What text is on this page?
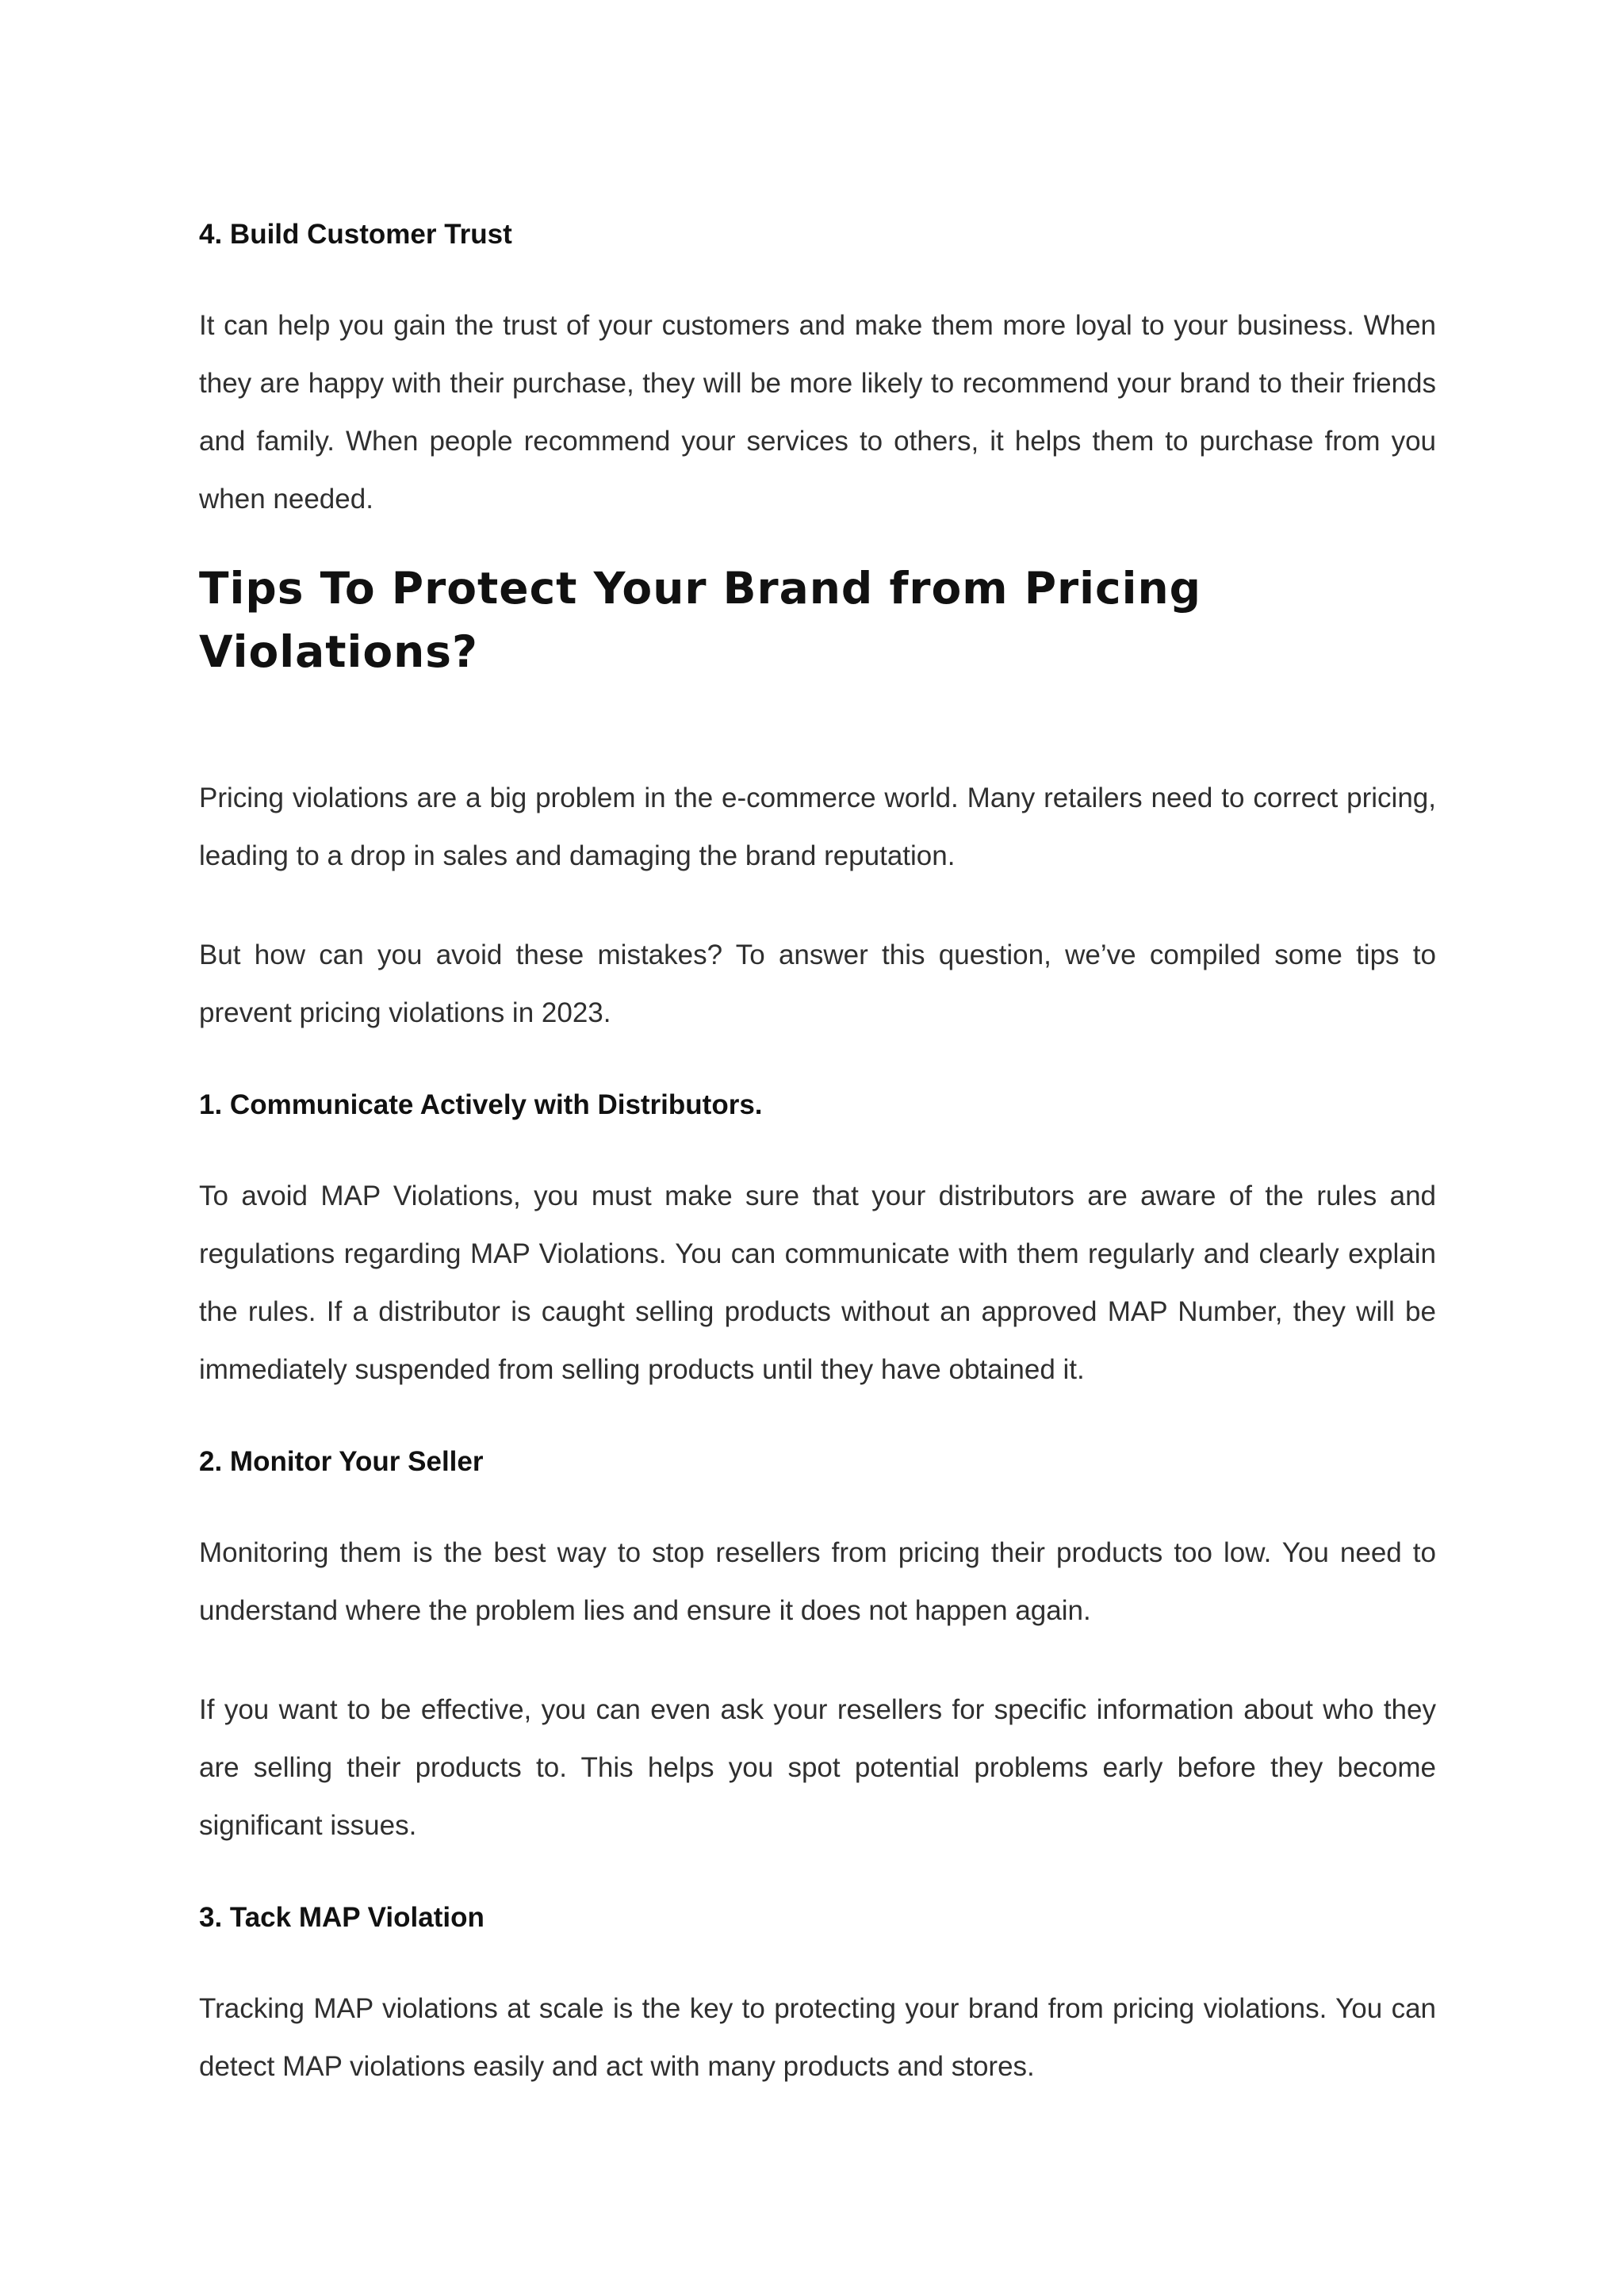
4. Build Customer Trust

It can help you gain the trust of your customers and make them more loyal to your business. When they are happy with their purchase, they will be more likely to recommend your brand to their friends and family. When people recommend your services to others, it helps them to purchase from you when needed.

Tips To Protect Your Brand from Pricing Violations?

Pricing violations are a big problem in the e-commerce world. Many retailers need to correct pricing, leading to a drop in sales and damaging the brand reputation.

But how can you avoid these mistakes? To answer this question, we’ve compiled some tips to prevent pricing violations in 2023.

1. Communicate Actively with Distributors.

To avoid MAP Violations, you must make sure that your distributors are aware of the rules and regulations regarding MAP Violations. You can communicate with them regularly and clearly explain the rules. If a distributor is caught selling products without an approved MAP Number, they will be immediately suspended from selling products until they have obtained it.

2. Monitor Your Seller

Monitoring them is the best way to stop resellers from pricing their products too low. You need to understand where the problem lies and ensure it does not happen again.

If you want to be effective, you can even ask your resellers for specific information about who they are selling their products to. This helps you spot potential problems early before they become significant issues.

3. Tack MAP Violation

Tracking MAP violations at scale is the key to protecting your brand from pricing violations. You can detect MAP violations easily and act with many products and stores.
